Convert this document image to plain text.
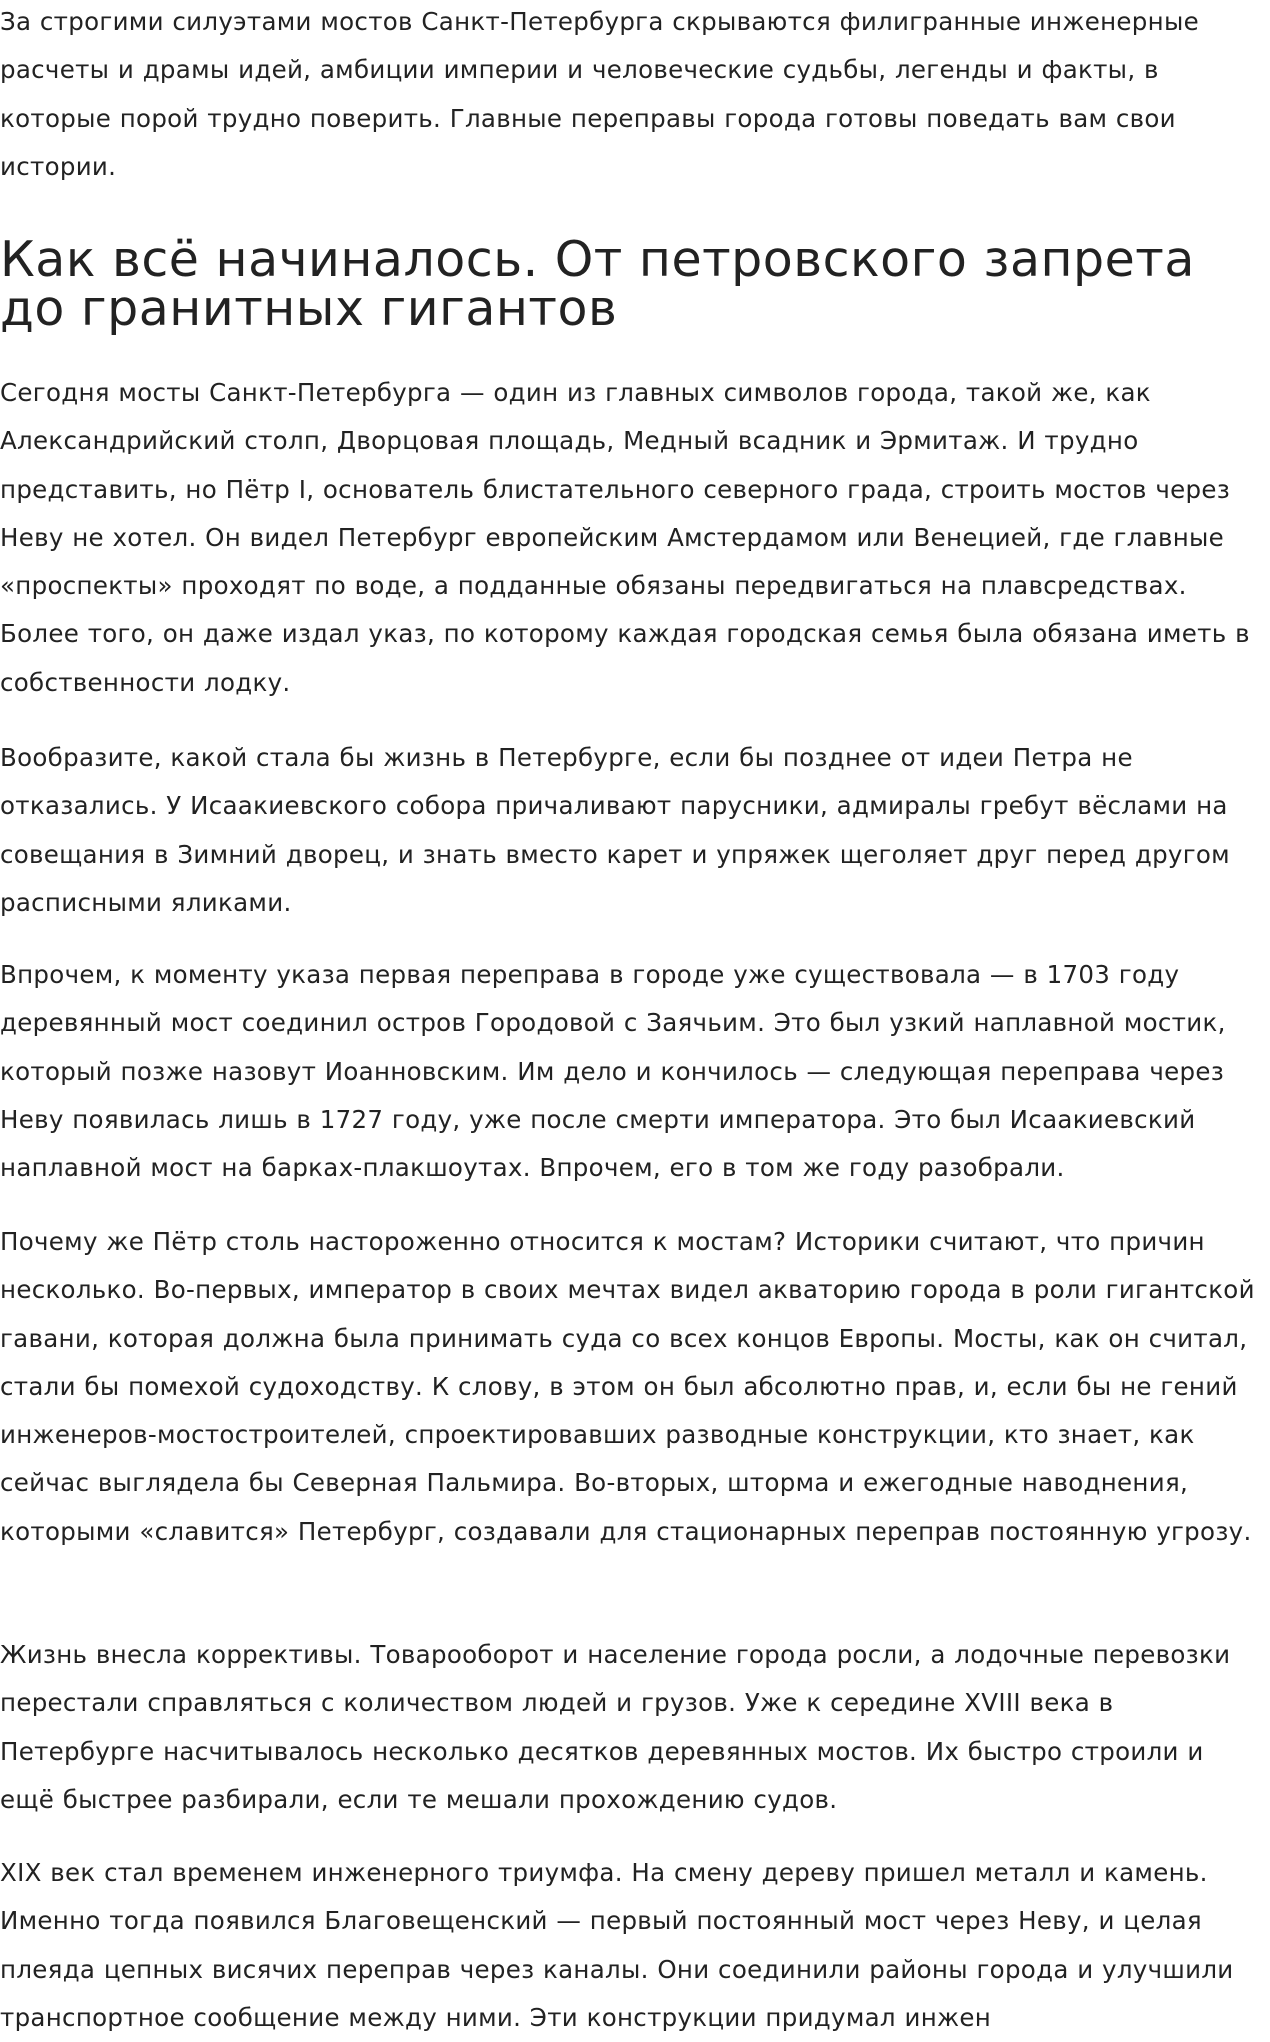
За строгими силуэтами мостов Санкт-Петербурга скрываются филигранные инженерные расчеты и драмы идей, амбиции империи и человеческие судьбы, легенды и факты, в которые порой трудно поверить. Главные переправы города готовы поведать вам свои истории.

Как всё начиналось. От петровского запрета до гранитных гигантов

Сегодня мосты Санкт-Петербурга — один из главных символов города, такой же, как Александрийский столп, Дворцовая площадь, Медный всадник и Эрмитаж. И трудно представить, но Пётр I, основатель блистательного северного града, строить мостов через Неву не хотел. Он видел Петербург европейским Амстердамом или Венецией, где главные «проспекты» проходят по воде, а подданные обязаны передвигаться на плавсредствах. Более того, он даже издал указ, по которому каждая городская семья была обязана иметь в собственности лодку.

Вообразите, какой стала бы жизнь в Петербурге, если бы позднее от идеи Петра не отказались. У Исаакиевского собора причаливают парусники, адмиралы гребут вёслами на совещания в Зимний дворец, и знать вместо карет и упряжек щеголяет друг перед другом расписными яликами.

Впрочем, к моменту указа первая переправа в городе уже существовала — в 1703 году деревянный мост соединил остров Городовой с Заячьим. Это был узкий наплавной мостик, который позже назовут Иоанновским. Им дело и кончилось — следующая переправа через Неву появилась лишь в 1727 году, уже после смерти императора. Это был Исаакиевский наплавной мост на барках-плакшоутах. Впрочем, его в том же году разобрали.

Почему же Пётр столь настороженно относится к мостам? Историки считают, что причин несколько. Во-первых, император в своих мечтах видел акваторию города в роли гигантской гавани, которая должна была принимать суда со всех концов Европы. Мосты, как он считал, стали бы помехой судоходству. К слову, в этом он был абсолютно прав, и, если бы не гений инженеров-мостостроителей, спроектировавших разводные конструкции, кто знает, как сейчас выглядела бы Северная Пальмира. Во-вторых, шторма и ежегодные наводнения, которыми «славится» Петербург, создавали для стационарных переправ постоянную угрозу.

Жизнь внесла коррективы. Товарооборот и население города росли, а лодочные перевозки перестали справляться с количеством людей и грузов. Уже к середине XVIII века в Петербурге насчитывалось несколько десятков деревянных мостов. Их быстро строили и ещё быстрее разбирали, если те мешали прохождению судов.

XIX век стал временем инженерного триумфа. На смену дереву пришел металл и камень. Именно тогда появился Благовещенский — первый постоянный мост через Неву, и целая плеяда цепных висячих переправ через каналы. Они соединили районы города и улучшили транспортное сообщение между ними. Эти конструкции придумал инжен
